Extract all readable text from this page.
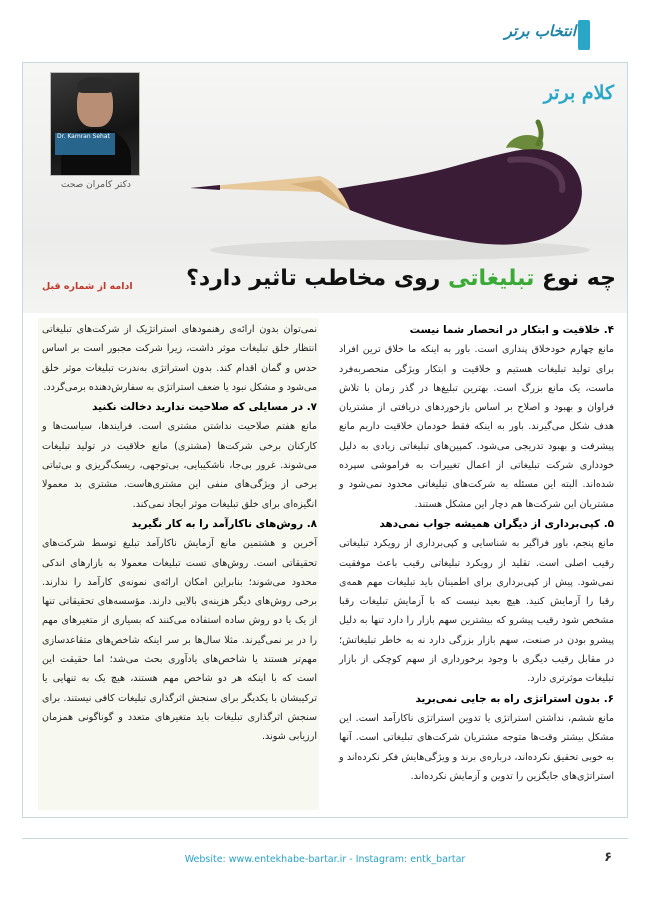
انتخاب برتر
کلام برتر
Dr. Kamran Sehat
دکتر کامران صحت
چه نوع تبلیغاتی روی مخاطب تاثیر دارد؟
ادامه از شماره قبل
۴. خلاقیت و ابتکار در انحصار شما نیست

مانع چهارم خودخلاق پنداری است. باور به اینکه ما خلاق ترین افراد برای تولید تبلیغات هستیم و خلاقیت و ابتکار ویژگی منحصربه‌فرد ماست، یک مانع بزرگ است. بهترین تبلیغ‌ها در گذر زمان با تلاش فراوان و بهبود و اصلاح بر اساس بازخوردهای دریافتی از مشتریان هدف شکل می‌گیرند. باور به اینکه فقط خودمان خلاقیت داریم مانع پیشرفت و بهبود تدریجی می‌شود. کمپین‌های تبلیغاتی زیادی به دلیل خودداری شرکت تبلیغاتی از اعمال تغییرات به فراموشی سپرده شده‌اند. البته این مسئله به شرکت‌های تبلیغاتی محدود نمی‌شود و مشتریان این شرکت‌ها هم دچار این مشکل هستند.

۵. کپی‌برداری از دیگران همیشه جواب نمی‌دهد

مانع پنجم، باور فراگیر به شناسایی و کپی‌برداری از رویکرد تبلیغاتی رقیب اصلی است. تقلید از رویکرد تبلیغاتی رقیب باعث موفقیت نمی‌شود. پیش از کپی‌برداری برای اطمینان باید تبلیغات مهم همه‌ی رقبا را آزمایش کنید. هیچ بعید نیست که با آزمایش تبلیغات رقبا مشخص شود رقیب پیشرو که بیشترین سهم بازار را دارد تنها به دلیل پیشرو بودن در صنعت، سهم بازار بزرگی دارد نه به خاطر تبلیغاتش؛ در مقابل رقیب دیگری با وجود برخورداری از سهم کوچکی از بازار تبلیغات موثرتری دارد.

۶. بدون استراتژی راه به جایی نمی‌برید

مانع ششم، نداشتن استراتژی یا تدوین استراتژی ناکارآمد است. این مشکل بیشتر وقت‌ها متوجه مشتریان شرکت‌های تبلیغاتی است. آنها به خوبی تحقیق نکرده‌اند، درباره‌ی برند و ویژگی‌هایش فکر نکرده‌اند و استراتژی‌های جایگزین را تدوین و آزمایش نکرده‌اند.

نمی‌توان بدون ارائه‌ی رهنمودهای استراتژیک از شرکت‌های تبلیغاتی انتظار خلق تبلیغات موثر داشت، زیرا شرکت مجبور است بر اساس حدس و گمان اقدام کند. بدون استراتژی به‌ندرت تبلیغات موثر خلق می‌شود و مشکل نبود یا ضعف استراتژی به سفارش‌دهنده برمی‌گردد.

۷. در مسایلی که صلاحیت ندارید دخالت نکنید

مانع هفتم صلاحیت نداشتن مشتری است. فرایندها، سیاست‌ها و کارکنان برخی شرکت‌ها (مشتری) مانع خلاقیت در تولید تبلیغات می‌شوند. غرور بی‌جا، ناشکیبایی، بی‌توجهی، ریسک‌گریزی و بی‌ثباتی برخی از ویژگی‌های منفی این مشتری‌هاست. مشتری بد معمولا انگیزه‌ای برای خلق تبلیغات موثر ایجاد نمی‌کند.

۸. روش‌های ناکارآمد را به کار نگیرید

آخرین و هشتمین مانع آزمایش ناکارآمد تبلیغ توسط شرکت‌های تحقیقاتی است. روش‌های تست تبلیغات معمولا به بازارهای اندکی محدود می‌شوند؛ بنابراین امکان ارائه‌ی نمونه‌ی کارآمد را ندارند. برخی روش‌های دیگر هزینه‌ی بالایی دارند. مؤسسه‌های تحقیقاتی تنها از یک یا دو روش ساده استفاده می‌کنند که بسیاری از متغیرهای مهم را در بر نمی‌گیرند. مثلا سال‌ها بر سر اینکه شاخص‌های متقاعدسازی مهم‌تر هستند یا شاخص‌های یادآوری بحث می‌شد؛ اما حقیقت این است که با اینکه هر دو شاخص مهم هستند، هیچ یک به تنهایی یا ترکیبشان با یکدیگر برای سنجش اثرگذاری تبلیغات کافی نیستند. برای سنجش اثرگذاری تبلیغات باید متغیرهای متعدد و گوناگونی همزمان ارزیابی شوند.

Website: www.entekhabe-bartar.ir - Instagram: entk_bartar	۶
